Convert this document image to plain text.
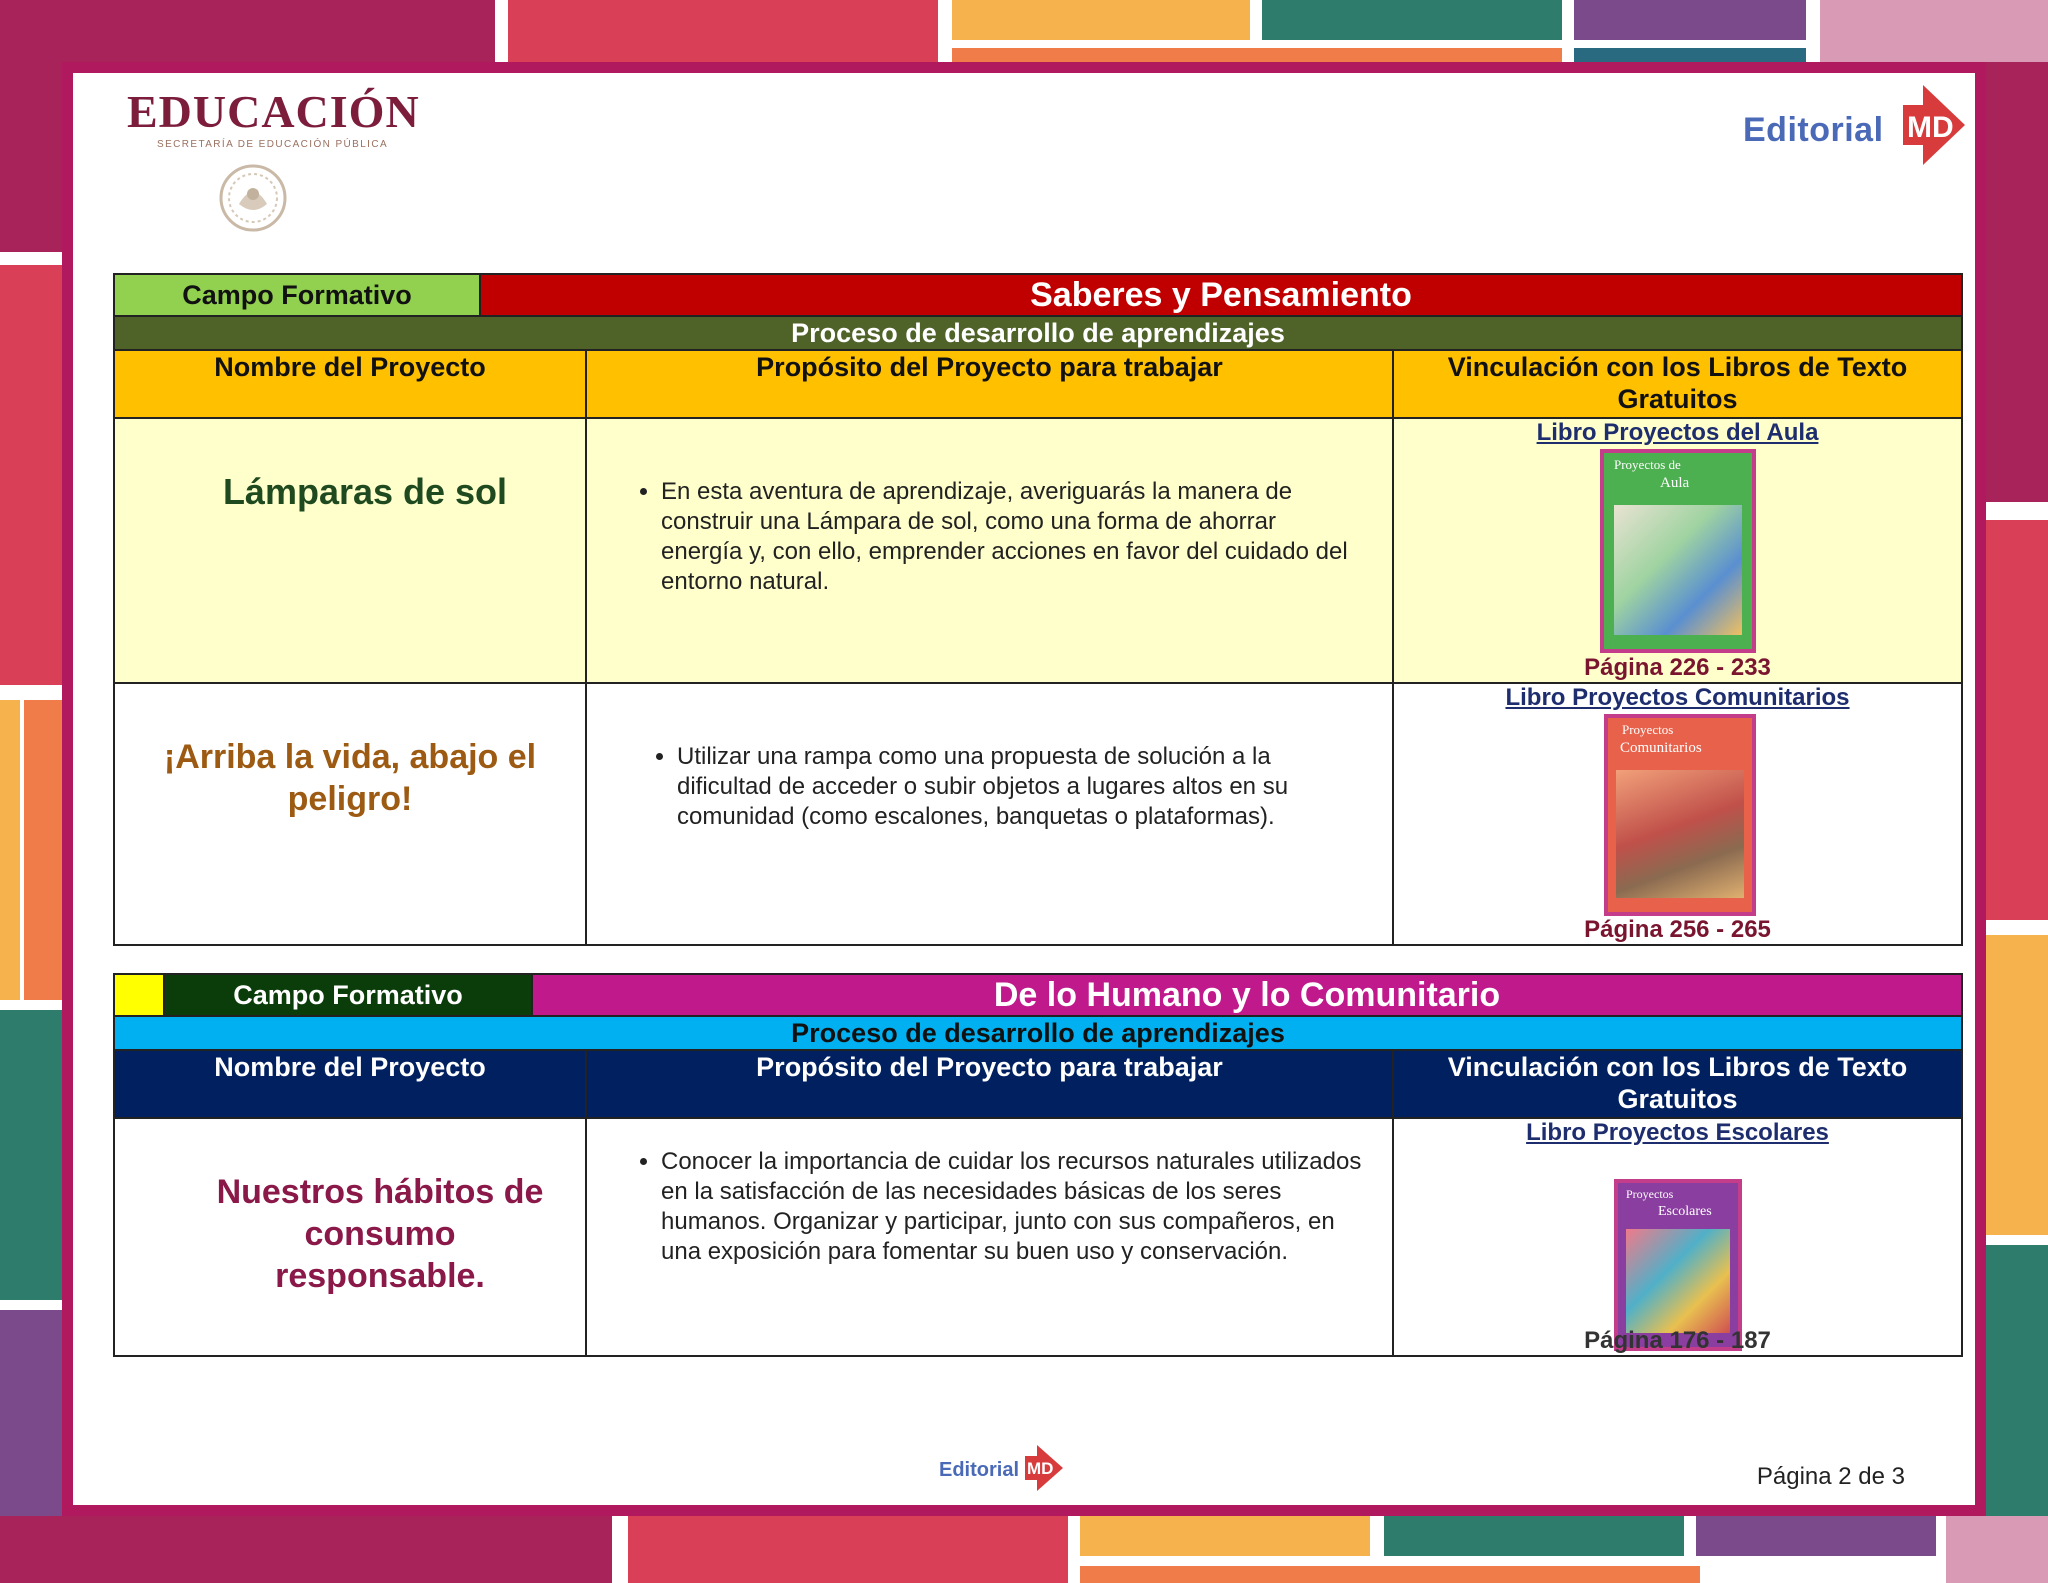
EDUCACIÓN
SECRETARÍA DE EDUCACIÓN PÚBLICA	Editorial MD
Campo Formativo	Saberes y Pensamiento
Proceso de desarrollo de aprendizajes
Nombre del Proyecto	Propósito del Proyecto para trabajar	Vinculación con los Libros de Texto Gratuitos
Lámparas de sol
•	En esta aventura de aprendizaje, averiguarás la manera de construir una Lámpara de sol, como una forma de ahorrar energía y, con ello, emprender acciones en favor del cuidado del entorno natural.
Libro Proyectos del Aula
Proyectos de
Aula
Página 226 - 233
¡Arriba la vida, abajo el peligro!
• Utilizar una rampa como una propuesta de solución a la dificultad de acceder o subir objetos a lugares altos en su comunidad (como escalones, banquetas o plataformas).
Libro Proyectos Comunitarios
Proyectos
Comunitarios
Página 256 - 265
Campo Formativo	De lo Humano y lo Comunitario
Proceso de desarrollo de aprendizajes
Nombre del Proyecto	Propósito del Proyecto para trabajar	Vinculación con los Libros de Texto Gratuitos
Nuestros hábitos de consumo responsable.
• Conocer la importancia de cuidar los recursos naturales utilizados en la satisfacción de las necesidades básicas de los seres humanos. Organizar y participar, junto con sus compañeros, en una exposición para fomentar su buen uso y conservación.
Libro Proyectos Escolares
Proyectos
Escolares
Página 176 - 187
Editorial MD	Página 2 de 3
